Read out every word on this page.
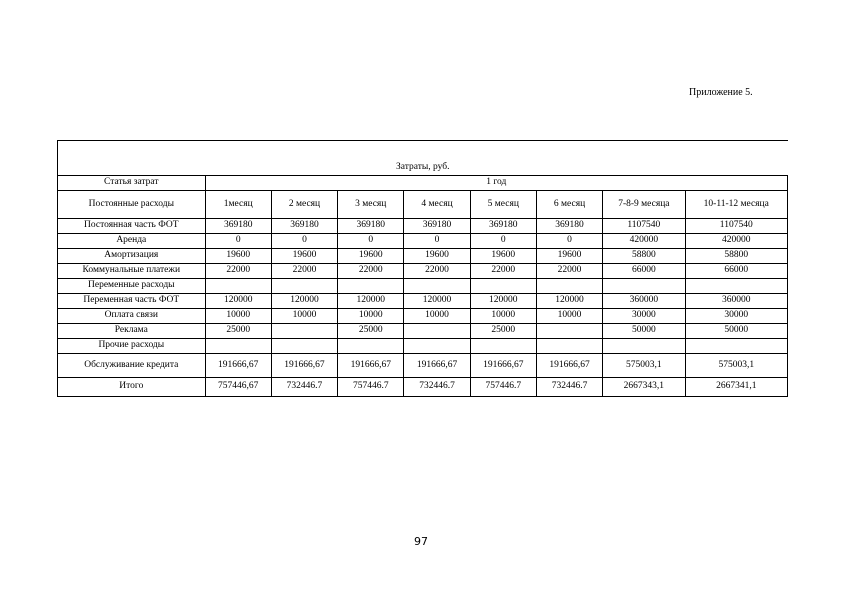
Приложение 5.
Затраты, руб.								
Статья затрат	1 год							
Постоянные расходы	1месяц	2 месяц	3 месяц	4 месяц	5 месяц	6 месяц	7-8-9 месяца	10-11-12 месяца
Постоянная часть ФОТ	369180	369180	369180	369180	369180	369180	1107540	1107540
Аренда	0	0	0	0	0	0	420000	420000
Амортизация	19600	19600	19600	19600	19600	19600	58800	58800
Коммунальные платежи	22000	22000	22000	22000	22000	22000	66000	66000
Переменные расходы								
Переменная часть ФОТ	120000	120000	120000	120000	120000	120000	360000	360000
Оплата связи	10000	10000	10000	10000	10000	10000	30000	30000
Реклама	25000		25000		25000		50000	50000
Прочие расходы								
Обслуживание кредита	191666,67	191666,67	191666,67	191666,67	191666,67	191666,67	575003,1	575003,1
Итого	757446,67	732446.7	757446.7	732446.7	757446.7	732446.7	2667343,1	2667341,1
97
